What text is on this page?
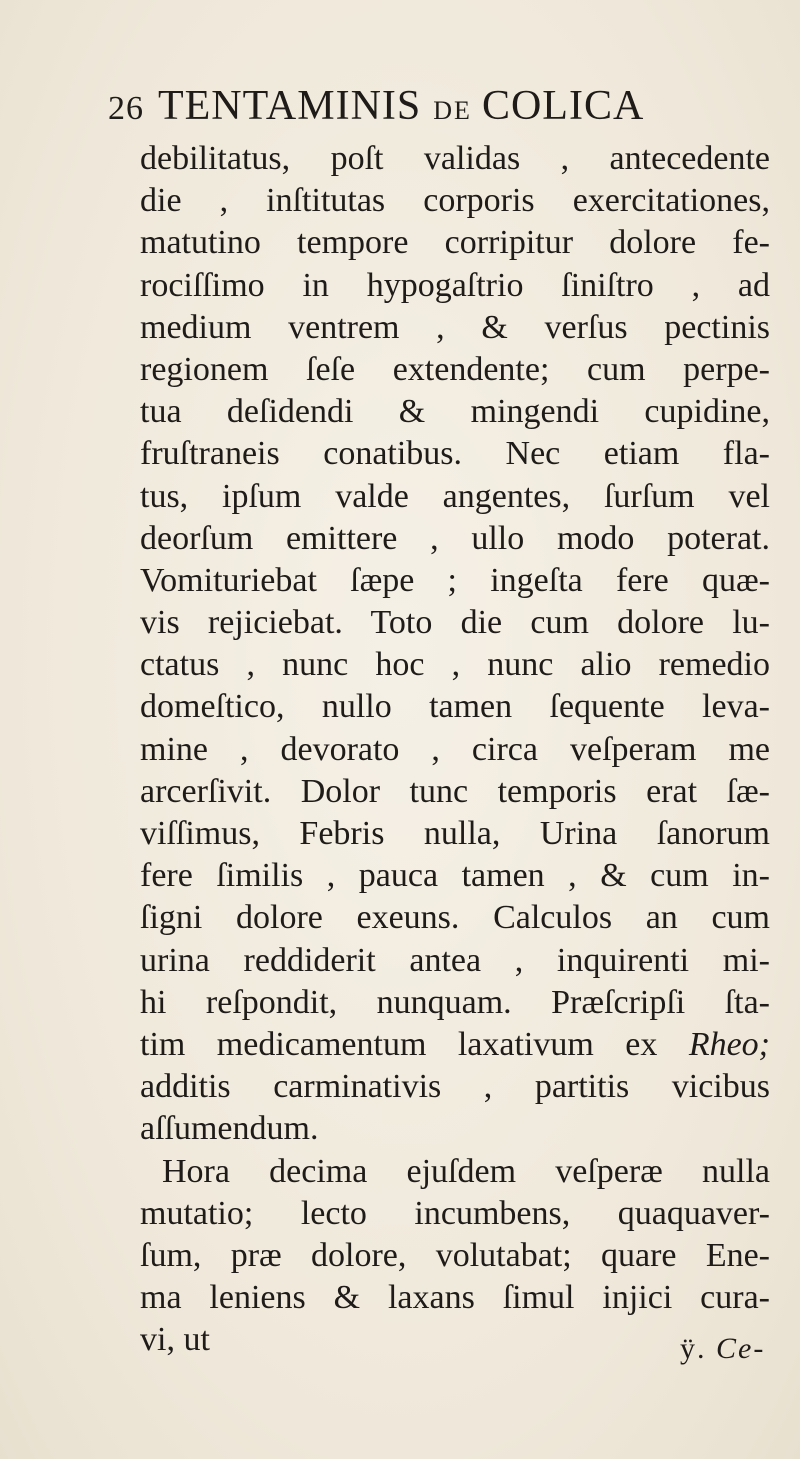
26 TENTAMINIS DE COLICA
debilitatus, poſt validas , antecedente
die , inſtitutas corporis exercitationes,
matutino tempore corripitur dolore fe-
rociſſimo in hypogaſtrio ſiniſtro , ad
medium ventrem , & verſus pectinis
regionem ſeſe extendente; cum perpe-
tua deſidendi & mingendi cupidine,
fruſtraneis conatibus. Nec etiam fla-
tus, ipſum valde angentes, ſurſum vel
deorſum emittere , ullo modo poterat.
Vomituriebat ſæpe ; ingeſta fere quæ-
vis rejiciebat. Toto die cum dolore lu-
ctatus , nunc hoc , nunc alio remedio
domeſtico, nullo tamen ſequente leva-
mine , devorato , circa veſperam me
arcerſivit. Dolor tunc temporis erat ſæ-
viſſimus, Febris nulla, Urina ſanorum
fere ſimilis , pauca tamen , & cum in-
ſigni dolore exeuns. Calculos an cum
urina reddiderit antea , inquirenti mi-
hi reſpondit, nunquam. Præſcripſi ſta-
tim medicamentum laxativum ex Rheo;
additis carminativis , partitis vicibus
aſſumendum.
Hora decima ejuſdem veſperæ nulla
mutatio; lecto incumbens, quaquaver-
ſum, præ dolore, volutabat; quare Ene-
ma leniens & laxans ſimul injici cura-
vi, ut	ÿ. Ce-
